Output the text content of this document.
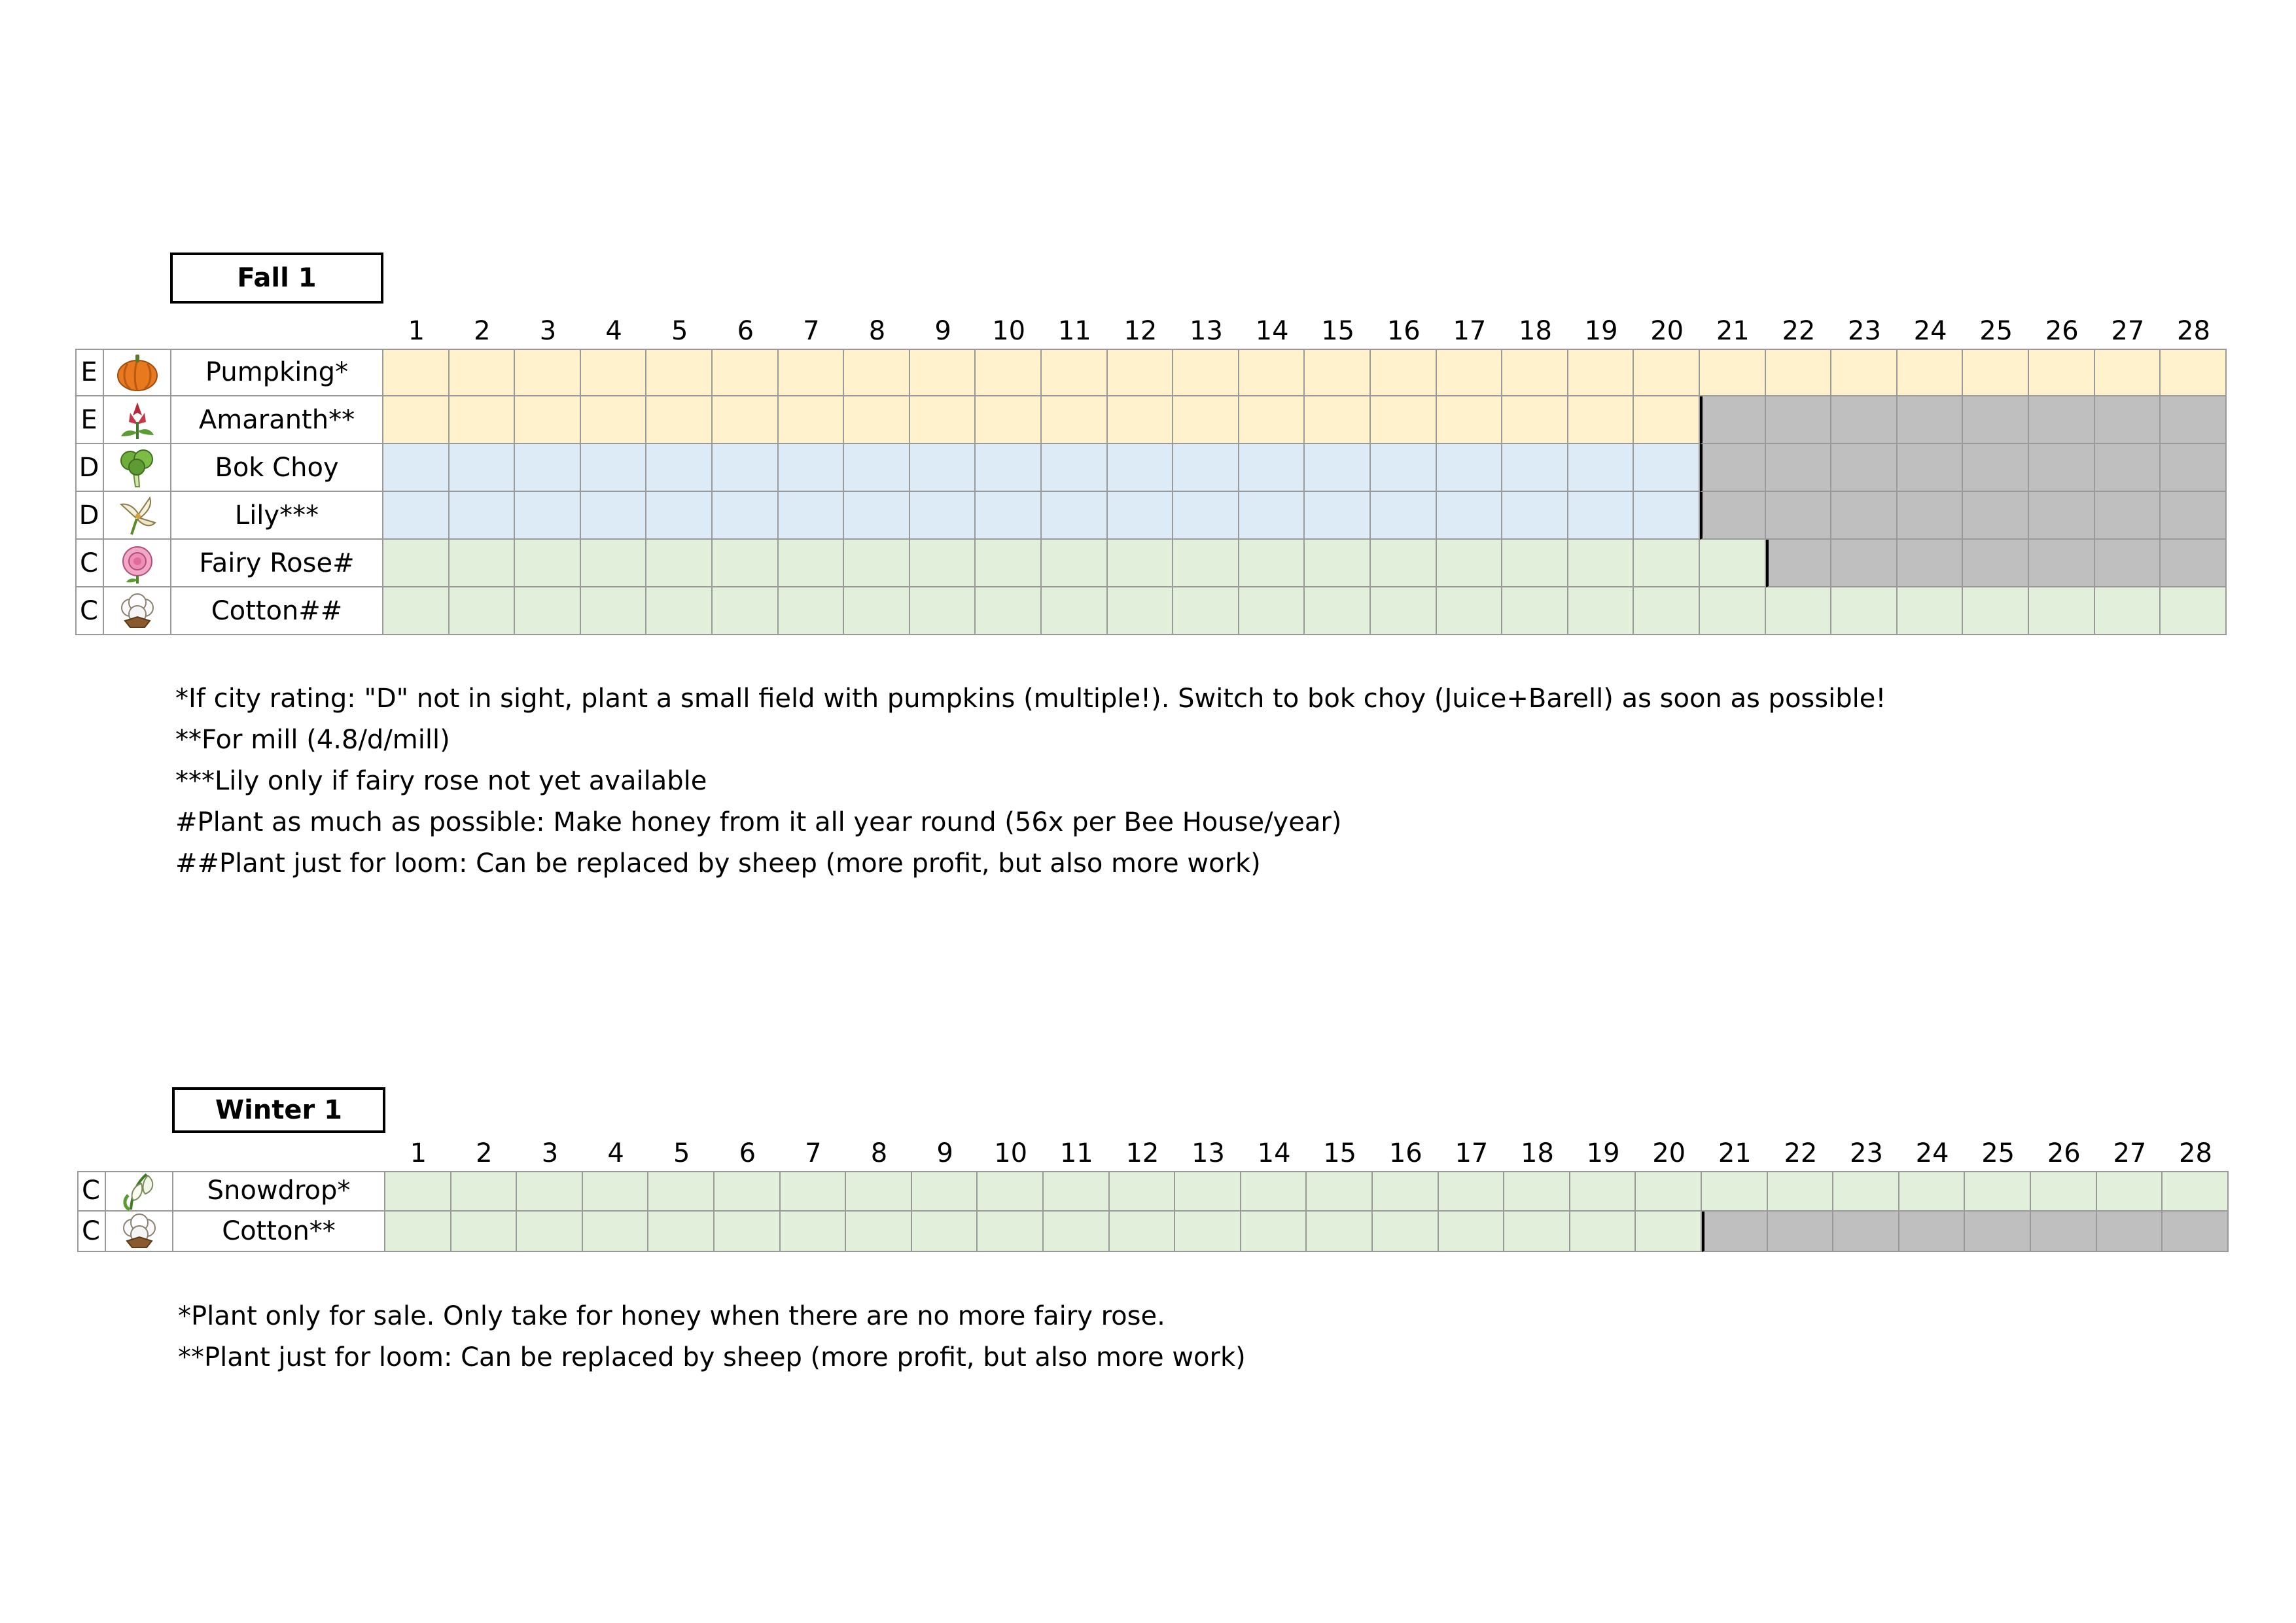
Fall 1
1	2	3	4	5	6	7	8	9	10	11	12	13	14	15	16	17	18	19	20	21	22	23	24	25	26	27	28
E	Pumpking*
E	Amaranth**
D	Bok Choy
D	Lily***
C	Fairy Rose#
C	Cotton##
*If city rating: "D" not in sight, plant a small field with pumpkins (multiple!). Switch to bok choy (Juice+Barell) as soon as possible!
**For mill (4.8/d/mill)
***Lily only if fairy rose not yet available
#Plant as much as possible: Make honey from it all year round (56x per Bee House/year)
##Plant just for loom: Can be replaced by sheep (more profit, but also more work)
Winter 1
1	2	3	4	5	6	7	8	9	10	11	12	13	14	15	16	17	18	19	20	21	22	23	24	25	26	27	28
C	Snowdrop*
C	Cotton**
*Plant only for sale. Only take for honey when there are no more fairy rose.
**Plant just for loom: Can be replaced by sheep (more profit, but also more work)
